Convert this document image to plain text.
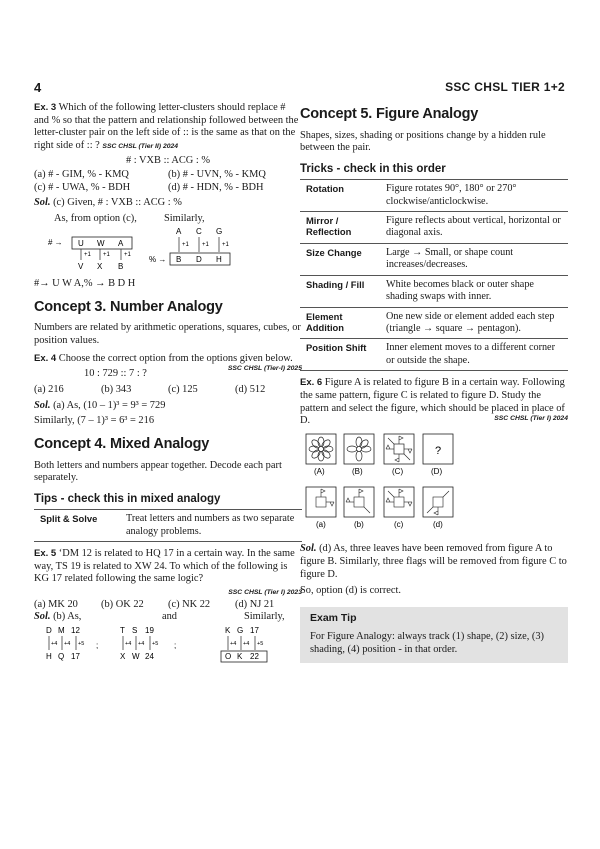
4	SSC CHSL TIER 1+2

Ex. 3 Which of the following letter-clusters should replace # and % so that the pattern and relationship followed between the letter-cluster pair on the left side of :: is the same as that on the right side of :: ? SSC CHSL (Tier II) 2024

# : VXB :: ACG : %

(a) # - GIM, % - KMQ	(b) # - UVN, % - KMQ
(c) # - UWA, % - BDH	(d) # - HDN, % - BDH

Sol. (c) Given, # : VXB :: ACG : %

As, from option (c),	Similarly,
# → U W A
+1 +1 +1
V X B
A C G
+1 +1 +1
% → B D H

#→ U W A,% → B D H

Concept 3. Number Analogy

Numbers are related by arithmetic operations, squares, cubes, or position values.

Ex. 4 Choose the correct option from the options given below.
SSC CHSL (Tier-I) 2025

10 : 729 :: 7 : ?

(a) 216	(b) 343	(c) 125	(d) 512

Sol. (a) As, (10 – 1)³ = 9³ = 729

Similarly, (7 – 1)³ = 6³ = 216

Concept 4. Mixed Analogy

Both letters and numbers appear together. Decode each part separately.

Tips - check this in mixed analogy
Split & Solve	Treat letters and numbers as two separate analogy problems.

Ex. 5 ‘DM 12 is related to HQ 17 in a certain way. In the same way, TS 19 is related to XW 24. To which of the following is KG 17 related following the same logic?

SSC CHSL (Tier I) 2023

(a) MK 20	(b) OK 22	(c) NK 22	(d) NJ 21
Sol. (b) As,	and	Similarly,
D M 12
+4 +4 +5
H Q 17
;
T S 19
+4 +4 +5
X W 24
;
K G 17
+4 +4 +5
O K 22
Concept 5. Figure Analogy

Shapes, sizes, shading or positions change by a hidden rule between the pair.

Tricks - check in this order
Rotation	Figure rotates 90°, 180° or 270° clockwise/anticlockwise.
Mirror / Reflection	Figure reflects about vertical, horizontal or diagonal axis.
Size Change	Large → Small, or shape count increases/decreases.
Shading / Fill	White becomes black or outer shape shading swaps with inner.
Element Addition	One new side or element added each step (triangle → square → pentagon).
Position Shift	Inner element moves to a different corner or outside the shape.

Ex. 6 Figure A is related to figure B in a certain way. Following the same pattern, figure C is related to figure D. Study the pattern and select the figure, which should be placed in place of D.	SSC CHSL (Tier I) 2024

?
(A)	(B)	(C)	(D)

(a)	(b)	(c)	(d)

Sol. (d) As, three leaves have been removed from figure A to figure B. Similarly, three flags will be removed from figure C to figure D.

So, option (d) is correct.

Exam Tip

For Figure Analogy: always track (1) shape, (2) size, (3) shading, (4) position - in that order.
